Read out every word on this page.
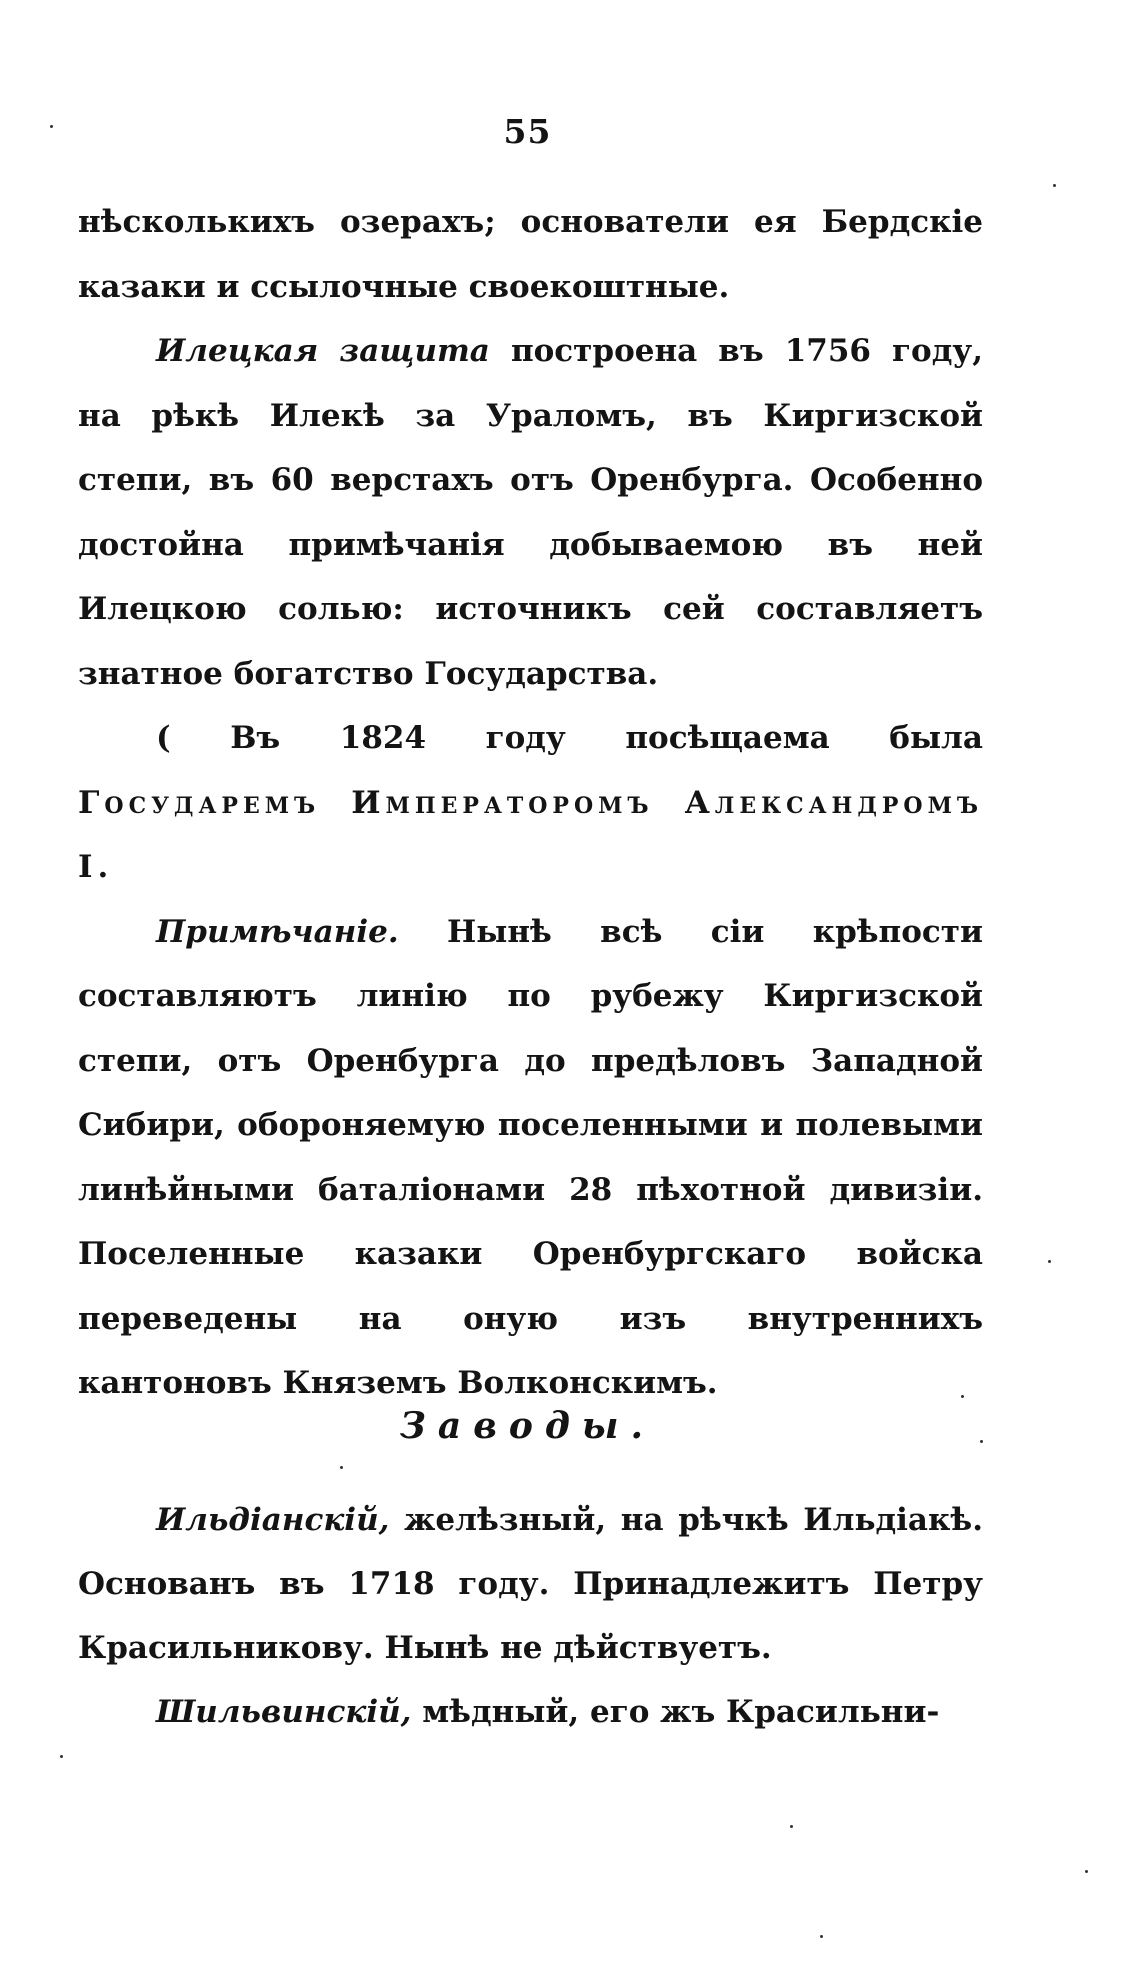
55

нѣсколькихъ озерахъ; основатели ея Бердскіе казаки и ссылочные своекоштные.

Илецкая защита построена въ 1756 году, на рѣкѣ Илекѣ за Ураломъ, въ Киргизской степи, въ 60 верстахъ отъ Оренбурга. Особенно достойна примѣчанія добываемою въ ней Илецкою солью: источникъ сей составляетъ знатное богатство Государства.

( Въ 1824 году посѣщаема была Государемъ Императоромъ Александромъ I.

Примѣчаніе. Нынѣ всѣ сіи крѣпости составляютъ линію по рубежу Киргизской степи, отъ Оренбурга до предѣловъ Западной Сибири, обороняемую поселенными и полевыми линѣйными баталіонами 28 пѣхотной дивизіи. Поселенные казаки Оренбургскаго войска переведены на оную изъ внутреннихъ кантоновъ Княземъ Волконскимъ.

Заводы.

Ильдіанскій, желѣзный, на рѣчкѣ Ильдіакѣ. Основанъ въ 1718 году. Принадлежитъ Петру Красильникову. Нынѣ не дѣйствуетъ.

Шильвинскій, мѣдный, его жъ Красильни-
